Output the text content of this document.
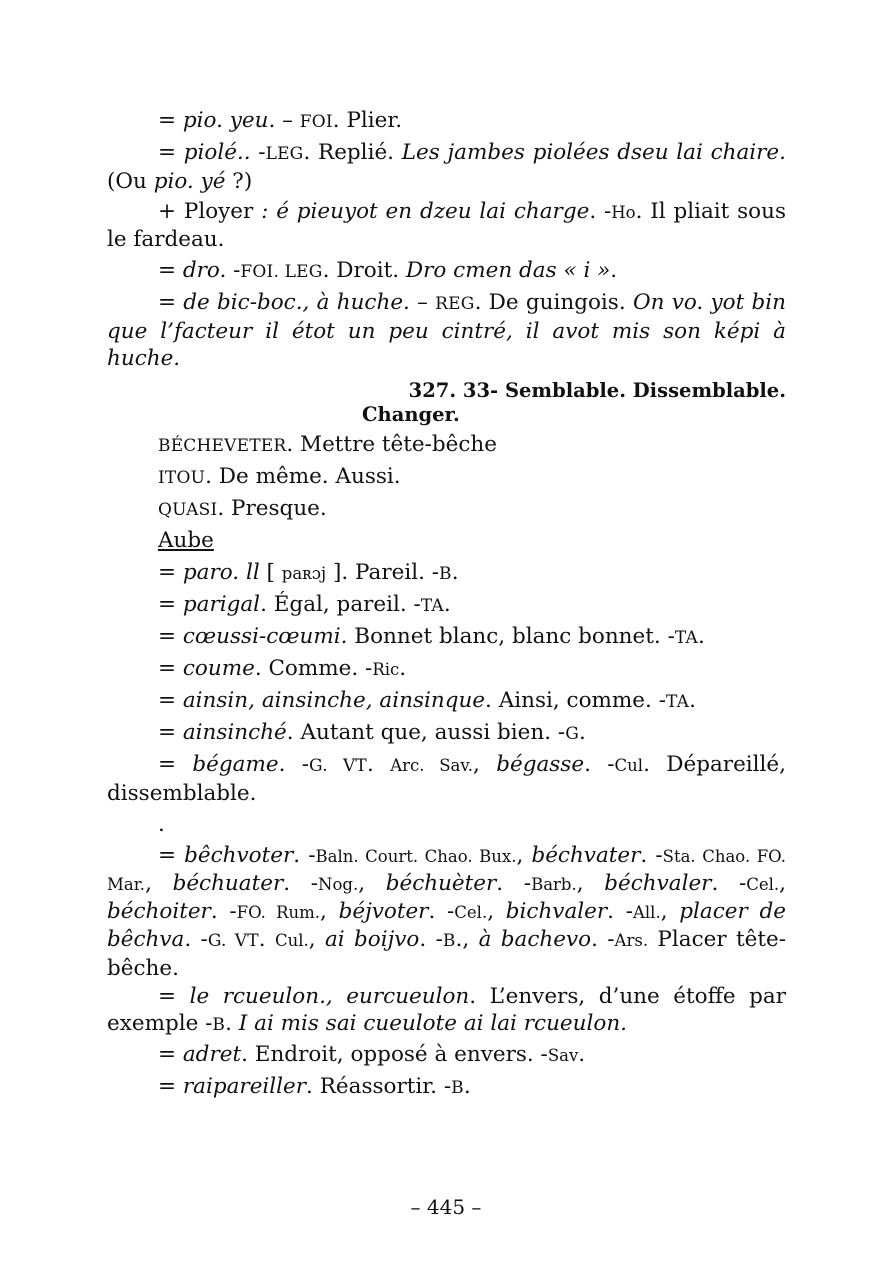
= pio. yeu. – FOI. Plier.

= piolé.. -LEG. Replié. Les jambes piolées dseu lai chaire. (Ou pio. yé ?)

+ Ployer : é pieuyot en dzeu lai charge. -Ho. Il pliait sous le fardeau.

= dro. -FOI. LEG. Droit. Dro cmen das « i ».

= de bic-boc., à huche. – REG. De guingois. On vo. yot bin que l’facteur il étot un peu cintré, il avot mis son képi à huche.

327. 33- Semblable. Dissemblable.
Changer.

BÉCHEVETER. Mettre tête-bêche

ITOU. De même. Aussi.

QUASI. Presque.

Aube

= paro. ll [ paʀɔj ]. Pareil. -B.

= parigal. Égal, pareil. -TA.

= cœussi-cœumi. Bonnet blanc, blanc bonnet. -TA.

= coume. Comme. -Ric.

= ainsin, ainsinche, ainsinque. Ainsi, comme. -TA.

= ainsinché. Autant que, aussi bien. -G.

= bégame. -G. VT. Arc. Sav., bégasse. -Cul. Dépareillé, dissemblable.

.

= bêchvoter. -Baln. Court. Chao. Bux., béchvater. -Sta. Chao. FO. Mar., béchuater. -Nog., béchuèter. -Barb., béchvaler. -Cel., béchoiter. -FO. Rum., béjvoter. -Cel., bichvaler. -All., placer de bêchva. -G. VT. Cul., ai boijvo. -B., à bachevo. -Ars. Placer tête-bêche.

= le rcueulon., eurcueulon. L’envers, d’une étoffe par exemple -B. I ai mis sai cueulote ai lai rcueulon.

= adret. Endroit, opposé à envers. -Sav.

= raipareiller. Réassortir. -B.

– 445 –
